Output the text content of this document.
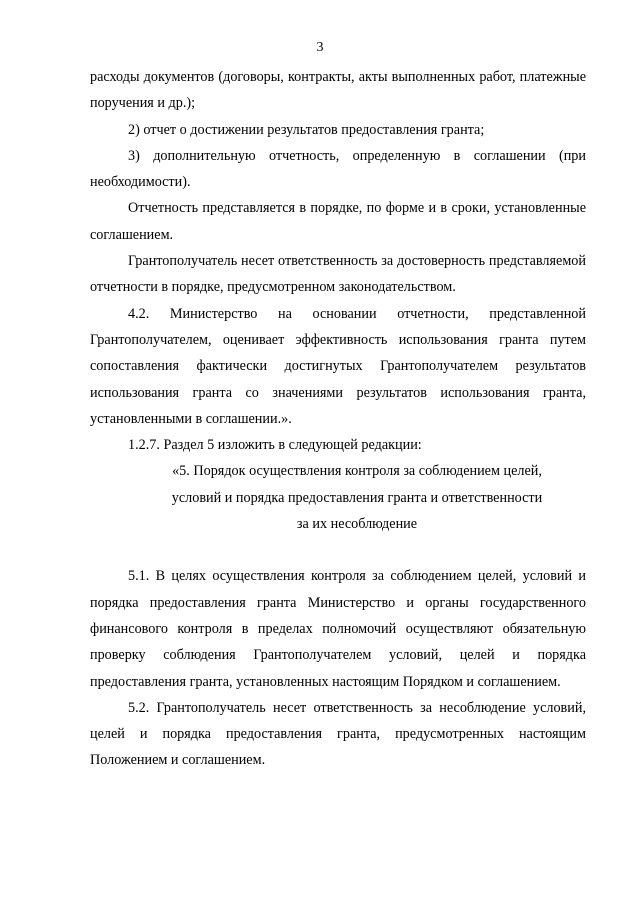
3

расходы документов (договоры, контракты, акты выполненных работ, платежные поручения и др.);

2) отчет о достижении результатов предоставления гранта;

3) дополнительную отчетность, определенную в соглашении (при необходимости).

Отчетность представляется в порядке, по форме и в сроки, установленные соглашением.

Грантополучатель несет ответственность за достоверность представляемой отчетности в порядке, предусмотренном законодательством.

4.2. Министерство на основании отчетности, представленной Грантополучателем, оценивает эффективность использования гранта путем сопоставления фактически достигнутых Грантополучателем результатов использования гранта со значениями результатов использования гранта, установленными в соглашении.».

1.2.7. Раздел 5 изложить в следующей редакции:

«5. Порядок осуществления контроля за соблюдением целей,

условий и порядка предоставления гранта и ответственности

за их несоблюдение

5.1. В целях осуществления контроля за соблюдением целей, условий и порядка предоставления гранта Министерство и органы государственного финансового контроля в пределах полномочий осуществляют обязательную проверку соблюдения Грантополучателем условий, целей и порядка предоставления гранта, установленных настоящим Порядком и соглашением.

5.2. Грантополучатель несет ответственность за несоблюдение условий, целей и порядка предоставления гранта, предусмотренных настоящим Положением и соглашением.
